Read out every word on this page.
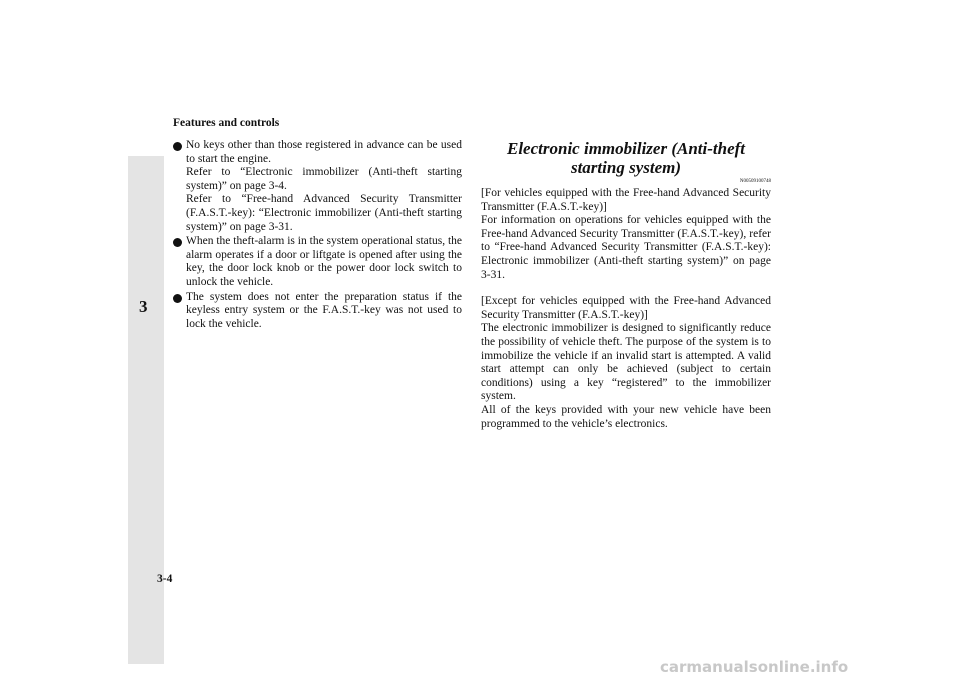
Features and controls
3

No keys other than those registered in advance can be used to start the engine.

Refer to “Electronic immobilizer (Anti-theft starting system)” on page 3-4.

Refer to “Free-hand Advanced Security Transmitter (F.A.S.T.-key): “Electronic immobilizer (Anti-theft starting system)” on page 3-31.

When the theft-alarm is in the system operational status, the alarm operates if a door or liftgate is opened after using the key, the door lock knob or the power door lock switch to unlock the vehicle.

The system does not enter the preparation status if the keyless entry system or the F.A.S.T.-key was not used to lock the vehicle.

Electronic immobilizer (Anti-theft starting system)
N00509100748

[For vehicles equipped with the Free-hand Advanced Security Transmitter (F.A.S.T.-key)]

For information on operations for vehicles equipped with the Free-hand Advanced Security Transmitter (F.A.S.T.-key), refer to “Free-hand Advanced Security Transmitter (F.A.S.T.-key): Electronic immobilizer (Anti-theft starting system)” on page 3-31.

[Except for vehicles equipped with the Free-hand Advanced Security Transmitter (F.A.S.T.-key)]

The electronic immobilizer is designed to significantly reduce the possibility of vehicle theft. The purpose of the system is to immobilize the vehicle if an invalid start is attempted. A valid start attempt can only be achieved (subject to certain conditions) using a key “registered” to the immobilizer system.

All of the keys provided with your new vehicle have been programmed to the vehicle’s electronics.

3-4
carmanualsonline.info
